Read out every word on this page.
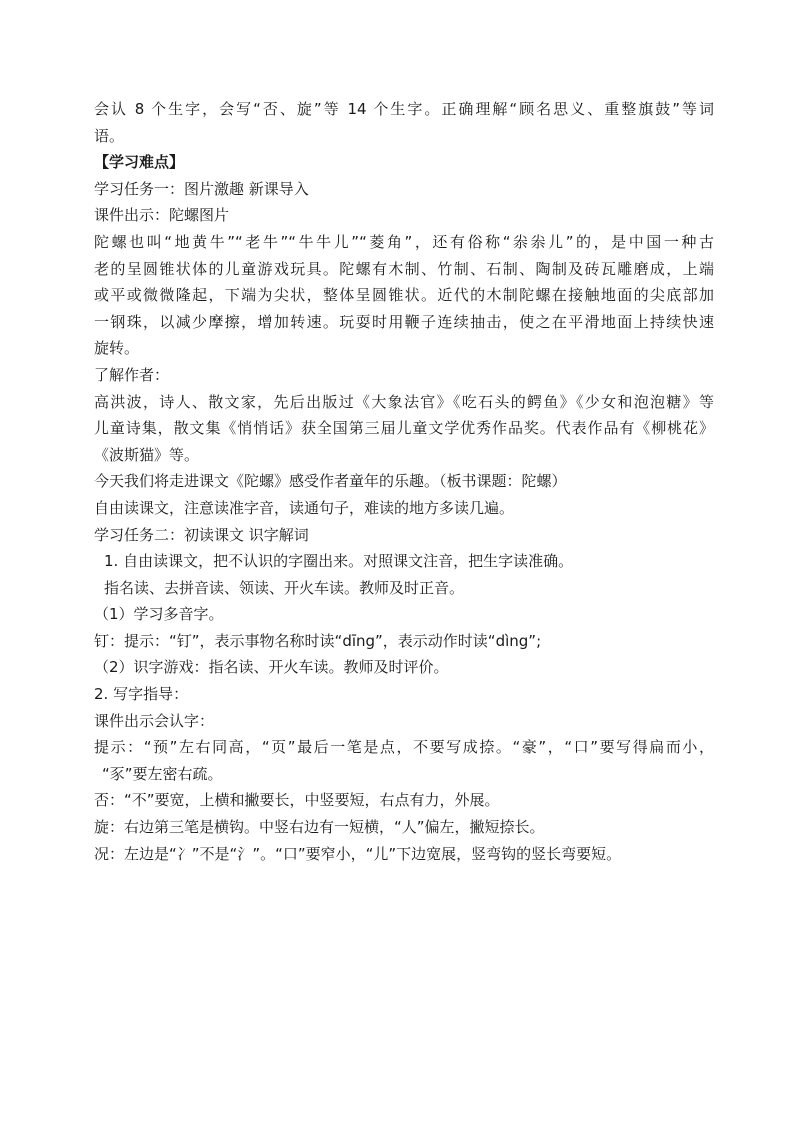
会认 8 个生字，会写“否、旋”等 14 个生字。正确理解“顾名思义、重整旗鼓”等词
语。
【学习难点】
学习任务一：图片激趣 新课导入
课件出示：陀螺图片
陀螺也叫“地黄牛”“老牛”“牛牛儿”“菱角”，还有俗称“尜尜儿”的，是中国一种古
老的呈圆锥状体的儿童游戏玩具。陀螺有木制、竹制、石制、陶制及砖瓦雕磨成，上端
或平或微微隆起，下端为尖状，整体呈圆锥状。近代的木制陀螺在接触地面的尖底部加
一钢珠，以减少摩擦，增加转速。玩耍时用鞭子连续抽击，使之在平滑地面上持续快速
旋转。
了解作者：
高洪波，诗人、散文家，先后出版过《大象法官》《吃石头的鳄鱼》《少女和泡泡糖》等
儿童诗集，散文集《悄悄话》获全国第三届儿童文学优秀作品奖。代表作品有《柳桃花》
《波斯猫》等。
今天我们将走进课文《陀螺》感受作者童年的乐趣。（板书课题：陀螺）
自由读课文，注意读准字音，读通句子，难读的地方多读几遍。
学习任务二：初读课文 识字解词
1. 自由读课文，把不认识的字圈出来。对照课文注音，把生字读准确。
指名读、去拼音读、领读、开火车读。教师及时正音。
（1）学习多音字。
钉：提示：“钉”，表示事物名称时读“dīng”，表示动作时读“dìng”;
（2）识字游戏：指名读、开火车读。教师及时评价。
2. 写字指导：
课件出示会认字：
提示：“预”左右同高，“页”最后一笔是点，不要写成捺。“豪”，“口”要写得扁而小，
“豕”要左密右疏。
否：“不”要宽，上横和撇要长，中竖要短，右点有力，外展。
旋：右边第三笔是横钩。中竖右边有一短横，“人”偏左，撇短捺长。
况：左边是“冫”不是“氵”。“口”要窄小，“儿”下边宽展，竖弯钩的竖长弯要短。
